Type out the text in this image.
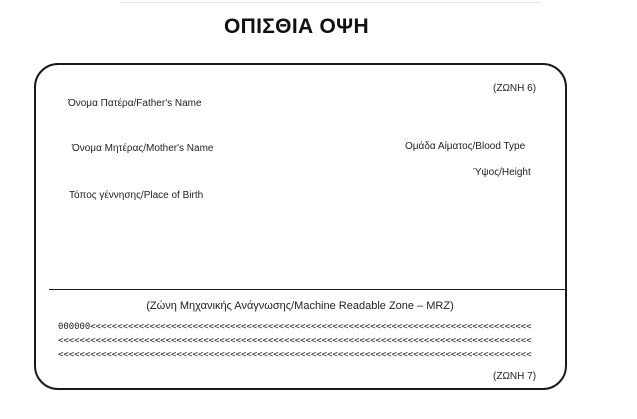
ΟΠΙΣΘΙΑ ΟΨΗ
(ΖΩΝΗ 6)
Όνομα Πατέρα/Father's Name
Όνομα Μητέρας/Mother's Name	Ομάδα Αίματος/Blood Type
Ύψος/Height
Τόπος γέννησης/Place of Birth
(Ζώνη Μηχανικής Ανάγνωσης/Machine Readable Zone – MRZ)
000000<<<<<<<<<<<<<<<<<<<<<<<<<<<<<<<<<<<<<<<<<<<<<<<<<<<<<<<<<<<<<<<<<<<<<<<<<<<<<<<<<<
<<<<<<<<<<<<<<<<<<<<<<<<<<<<<<<<<<<<<<<<<<<<<<<<<<<<<<<<<<<<<<<<<<<<<<<<<<<<<<<<<<<<<<<<
<<<<<<<<<<<<<<<<<<<<<<<<<<<<<<<<<<<<<<<<<<<<<<<<<<<<<<<<<<<<<<<<<<<<<<<<<<<<<<<<<<<<<<<<
(ΖΩΝΗ 7)
